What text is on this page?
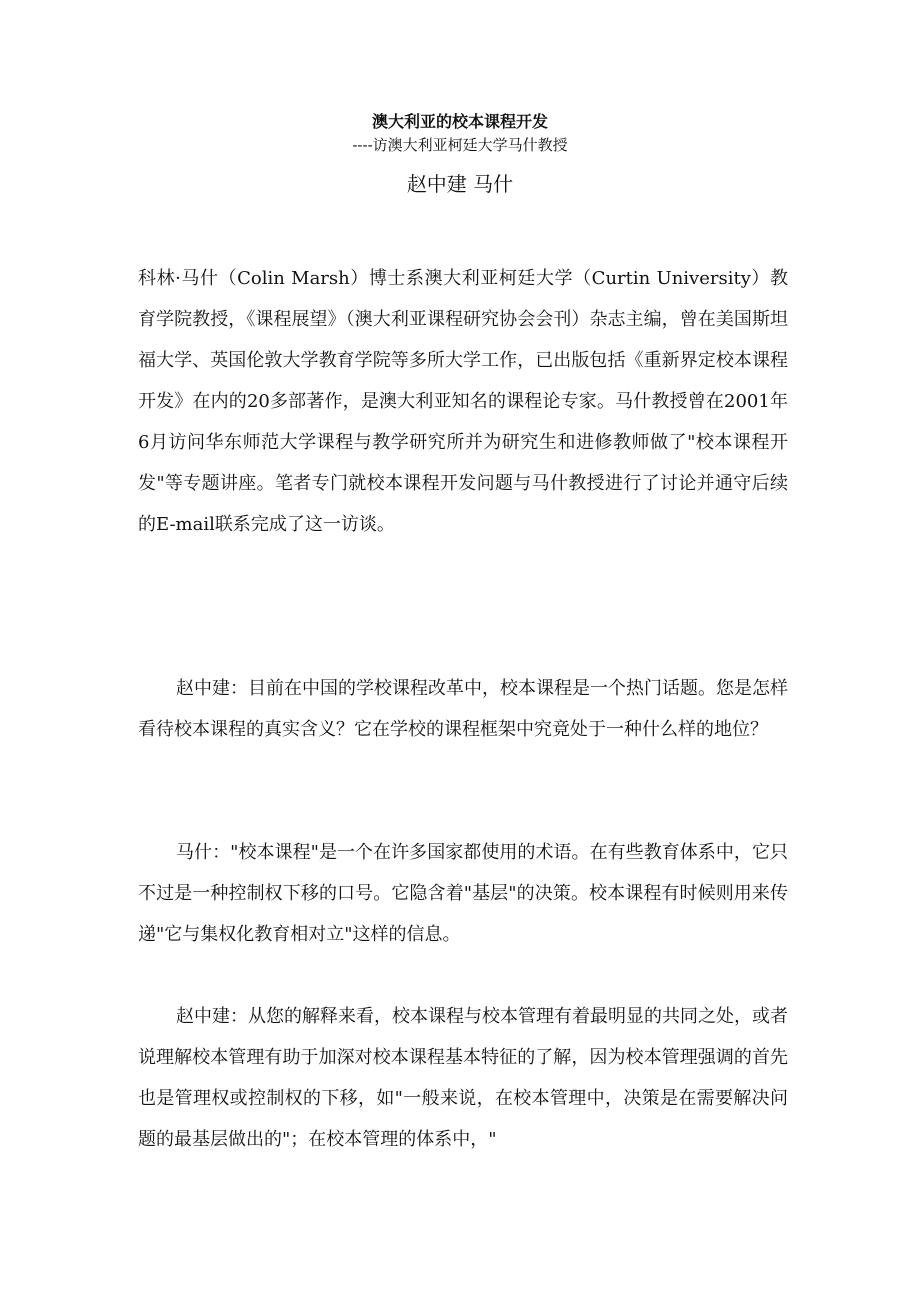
澳大利亚的校本课程开发
----访澳大利亚柯廷大学马什教授
赵中建 马什

科林·马什（Colin Marsh）博士系澳大利亚柯廷大学（Curtin University）教育学院教授，《课程展望》（澳大利亚课程研究协会会刊）杂志主编，曾在美国斯坦福大学、英国伦敦大学教育学院等多所大学工作，已出版包括《重新界定校本课程开发》在内的20多部著作，是澳大利亚知名的课程论专家。马什教授曾在2001年6月访问华东师范大学课程与教学研究所并为研究生和进修教师做了"校本课程开发"等专题讲座。笔者专门就校本课程开发问题与马什教授进行了讨论并通守后续的E-mail联系完成了这一访谈。

赵中建：目前在中国的学校课程改革中，校本课程是一个热门话题。您是怎样看待校本课程的真实含义？它在学校的课程框架中究竟处于一种什么样的地位？

马什："校本课程"是一个在许多国家都使用的术语。在有些教育体系中，它只不过是一种控制权下移的口号。它隐含着"基层"的决策。校本课程有时候则用来传递"它与集权化教育相对立"这样的信息。

赵中建：从您的解释来看，校本课程与校本管理有着最明显的共同之处，或者说理解校本管理有助于加深对校本课程基本特征的了解，因为校本管理强调的首先也是管理权或控制权的下移，如"一般来说，在校本管理中，决策是在需要解决问题的最基层做出的"；在校本管理的体系中，"
